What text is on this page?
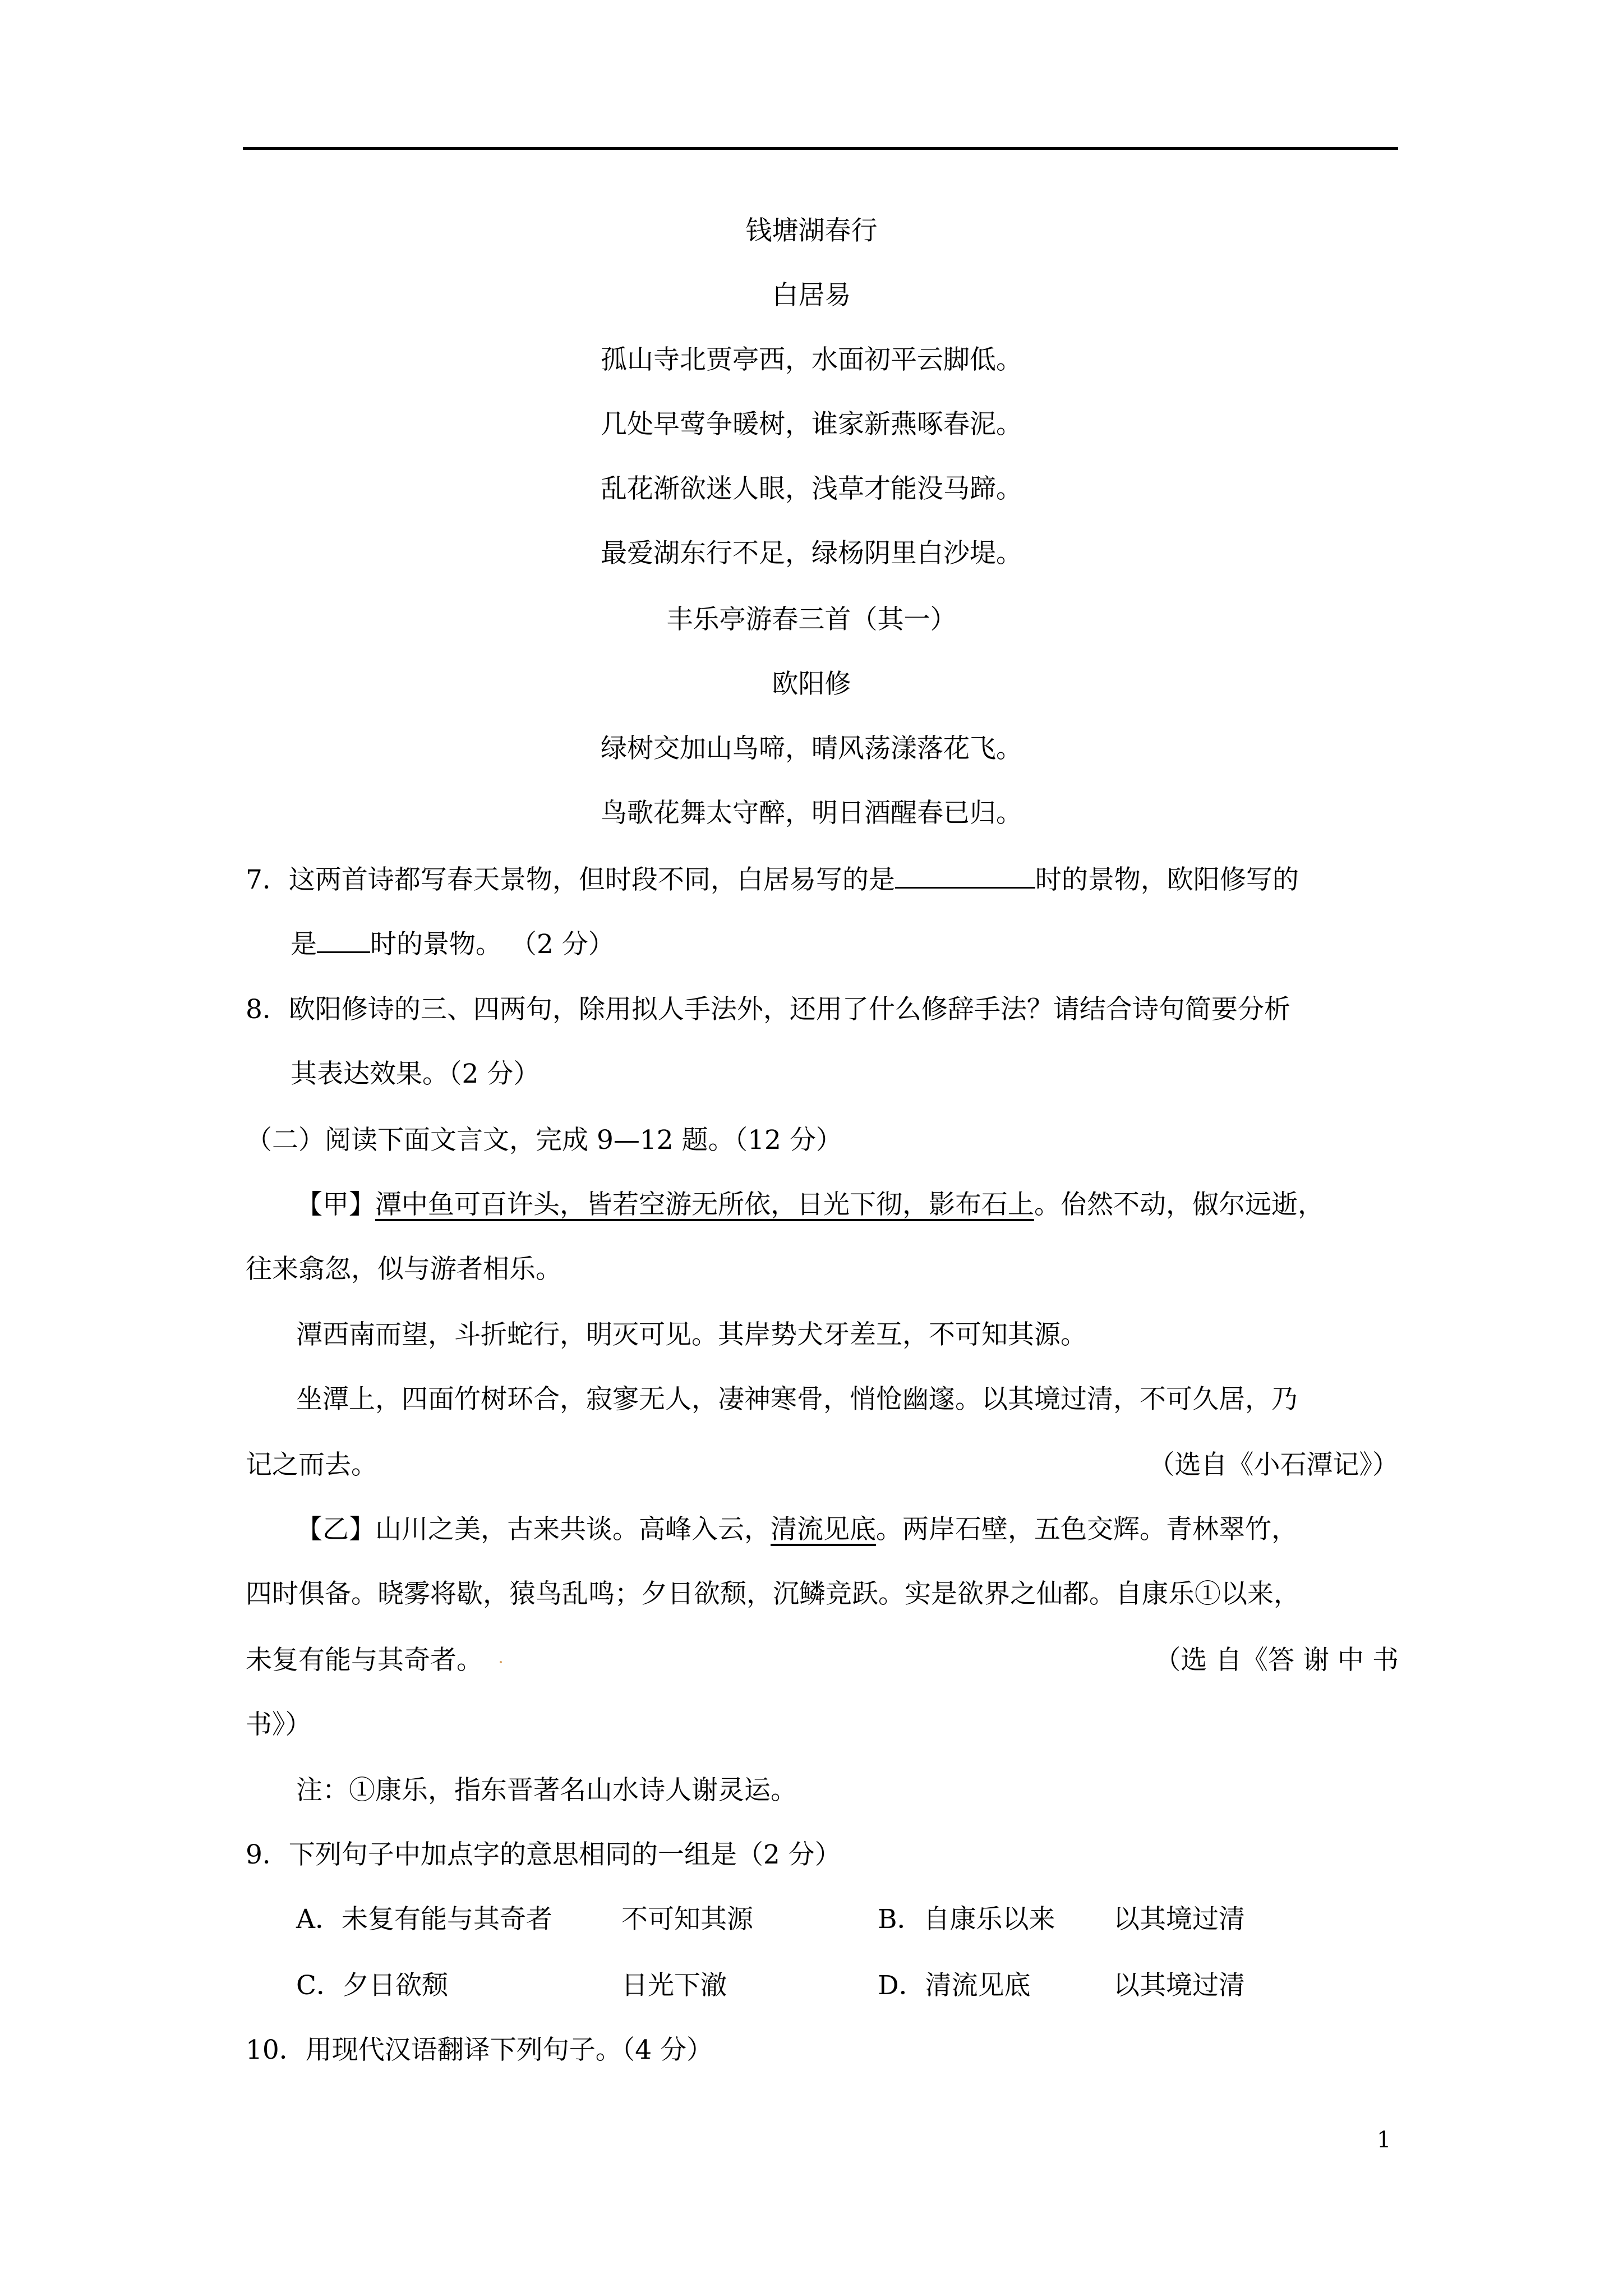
钱塘湖春行
白居易
孤山寺北贾亭西，水面初平云脚低。
几处早莺争暖树，谁家新燕啄春泥。
乱花渐欲迷人眼，浅草才能没马蹄。
最爱湖东行不足，绿杨阴里白沙堤。
丰乐亭游春三首（其一）
欧阳修
绿树交加山鸟啼，晴风荡漾落花飞。
鸟歌花舞太守醉，明日酒醒春已归。
7．这两首诗都写春天景物，但时段不同，白居易写的是	时的景物，欧阳修写的
是 时的景物。 （2 分）
8．欧阳修诗的三、四两句，除用拟人手法外，还用了什么修辞手法？请结合诗句简要分析
其表达效果。（2 分）
（二）阅读下面文言文，完成 9—12 题。（12 分）
【甲】潭中鱼可百许头，皆若空游无所依，日光下彻，影布石上。佁然不动，俶尔远逝，
往来翕忽，似与游者相乐。
潭西南而望，斗折蛇行，明灭可见。其岸势犬牙差互，不可知其源。
坐潭上，四面竹树环合，寂寥无人，凄神寒骨，悄怆幽邃。以其境过清，不可久居，乃
记之而去。	（选自《小石潭记》）
【乙】山川之美，古来共谈。高峰入云，清流见底。两岸石壁，五色交辉。青林翠竹，
四时俱备。晓雾将歇，猿鸟乱鸣；夕日欲颓，沉鳞竞跃。实是欲界之仙都。自康乐①以来，
未复有能与其奇者。	（选 自《答 谢 中 书
书》）
注：①康乐，指东晋著名山水诗人谢灵运。
9．下列句子中加点字的意思相同的一组是（2 分）
A．未复有能与其奇者	不可知其源	B．自康乐以来 以其境过清
C．夕日欲颓	日光下澈	D．清流见底	以其境过清
10．用现代汉语翻译下列句子。（4 分）
1
